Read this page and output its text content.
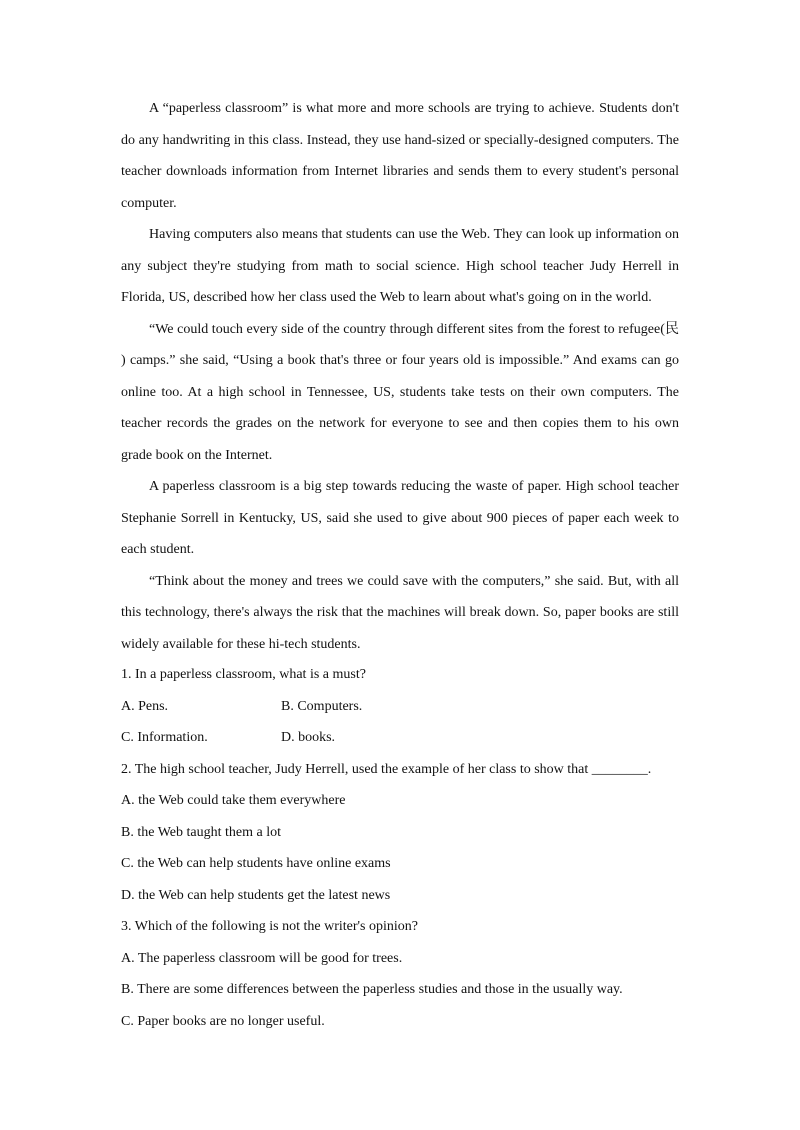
A “paperless classroom” is what more and more schools are trying to achieve. Students don't do any handwriting in this class. Instead, they use hand-sized or specially-designed computers. The teacher downloads information from Internet libraries and sends them to every student's personal computer.

Having computers also means that students can use the Web. They can look up information on any subject they're studying from math to social science. High school teacher Judy Herrell in Florida, US, described how her class used the Web to learn about what's going on in the world.

“We could touch every side of the country through different sites from the forest to refugee(民 ) camps.” she said, “Using a book that's three or four years old is impossible.” And exams can go online too. At a high school in Tennessee, US, students take tests on their own computers. The teacher records the grades on the network for everyone to see and then copies them to his own grade book on the Internet.

A paperless classroom is a big step towards reducing the waste of paper. High school teacher Stephanie Sorrell in Kentucky, US, said she used to give about 900 pieces of paper each week to each student.

“Think about the money and trees we could save with the computers,” she said. But, with all this technology, there's always the risk that the machines will break down. So, paper books are still widely available for these hi-tech students.

1. In a paperless classroom, what is a must?

A. Pens.	B. Computers.
C. Information.	D. books.

2. The high school teacher, Judy Herrell, used the example of her class to show that ________.

A. the Web could take them everywhere

B. the Web taught them a lot

C. the Web can help students have online exams

D. the Web can help students get the latest news

3. Which of the following is not the writer's opinion?

A. The paperless classroom will be good for trees.

B. There are some differences between the paperless studies and those in the usually way.

C. Paper books are no longer useful.
